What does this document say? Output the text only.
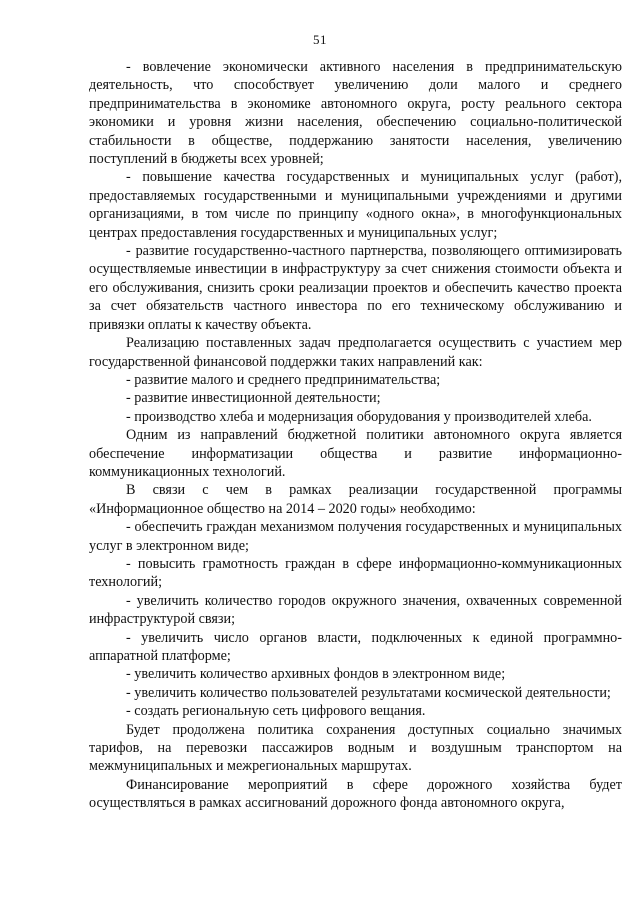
51

- вовлечение экономически активного населения в предпринимательскую деятельность, что способствует увеличению доли малого и среднего предпринимательства в экономике автономного округа, росту реального сектора экономики и уровня жизни населения, обеспечению социально-политической стабильности в обществе, поддержанию занятости населения, увеличению поступлений в бюджеты всех уровней;

- повышение качества государственных и муниципальных услуг (работ), предоставляемых государственными и муниципальными учреждениями и другими организациями, в том числе по принципу «одного окна», в многофункциональных центрах предоставления государственных и муниципальных услуг;

- развитие государственно-частного партнерства, позволяющего оптимизировать осуществляемые инвестиции в инфраструктуру за счет снижения стоимости объекта и его обслуживания, снизить сроки реализации проектов и обеспечить качество проекта за счет обязательств частного инвестора по его техническому обслуживанию и привязки оплаты к качеству объекта.

Реализацию поставленных задач предполагается осуществить с участием мер государственной финансовой поддержки таких направлений как:

- развитие малого и среднего предпринимательства;

- развитие инвестиционной деятельности;

- производство хлеба и модернизация оборудования у производителей хлеба.

Одним из направлений бюджетной политики автономного округа является обеспечение информатизации общества и развитие информационно-коммуникационных технологий.

В связи с чем в рамках реализации государственной программы «Информационное общество на 2014 – 2020 годы» необходимо:

- обеспечить граждан механизмом получения государственных и муниципальных услуг в электронном виде;

- повысить грамотность граждан в сфере информационно-коммуникационных технологий;

- увеличить количество городов окружного значения, охваченных современной инфраструктурой связи;

- увеличить число органов власти, подключенных к единой программно-аппаратной платформе;

- увеличить количество архивных фондов в электронном виде;

- увеличить количество пользователей результатами космической деятельности;

- создать региональную сеть цифрового вещания.

Будет продолжена политика сохранения доступных социально значимых тарифов, на перевозки пассажиров водным и воздушным транспортом на межмуниципальных и межрегиональных маршрутах.

Финансирование мероприятий в сфере дорожного хозяйства будет осуществляться в рамках ассигнований дорожного фонда автономного округа,
